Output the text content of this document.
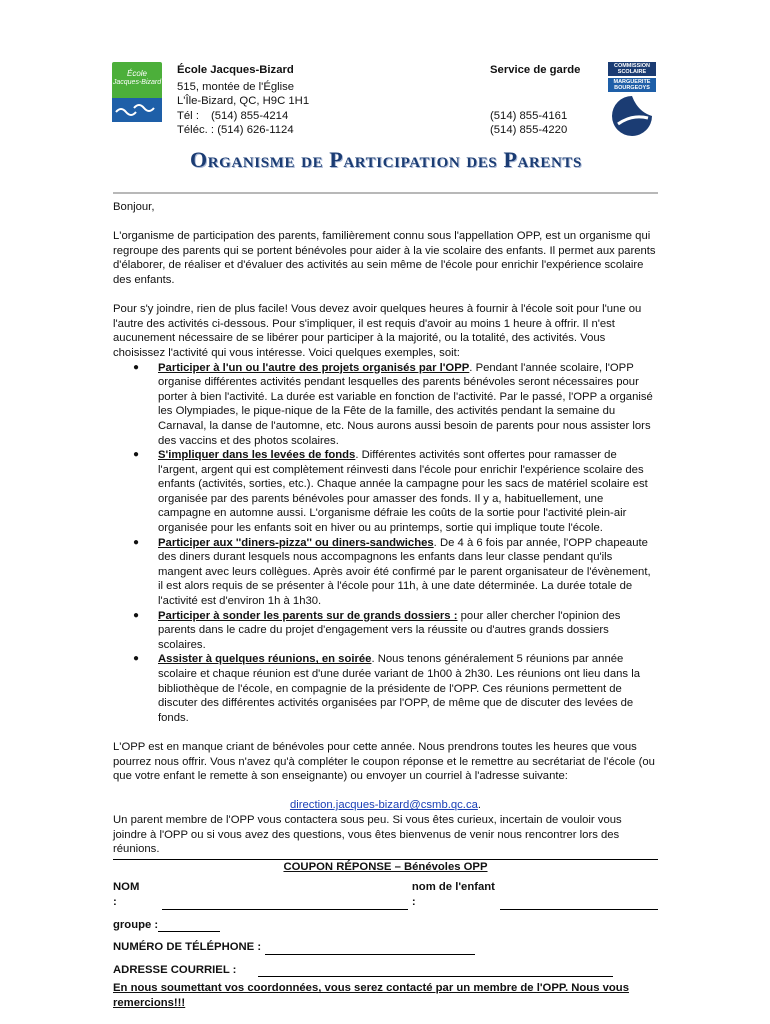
École
Jacques-Bizard
École Jacques-Bizard
515, montée de l'Église
L'Île-Bizard, QC, H9C 1H1
Tél : (514) 855-4214
Téléc. : (514) 626-1124
Service de garde
(514) 855-4161
(514) 855-4220
COMMISSION
SCOLAIRE
MARGUERITE
BOURGEOYS
Organisme de Participation des Parents

Bonjour,

L'organisme de participation des parents, familièrement connu sous l'appellation OPP, est un organisme qui regroupe des parents qui se portent bénévoles pour aider à la vie scolaire des enfants. Il permet aux parents d'élaborer, de réaliser et d'évaluer des activités au sein même de l'école pour enrichir l'expérience scolaire des enfants.

Pour s'y joindre, rien de plus facile! Vous devez avoir quelques heures à fournir à l'école soit pour l'une ou l'autre des activités ci-dessous. Pour s'impliquer, il est requis d'avoir au moins 1 heure à offrir. Il n'est aucunement nécessaire de se libérer pour participer à la majorité, ou la totalité, des activités. Vous choisissez l'activité qui vous intéresse. Voici quelques exemples, soit:

● Participer à l'un ou l'autre des projets organisés par l'OPP. Pendant l'année scolaire, l'OPP organise différentes activités pendant lesquelles des parents bénévoles seront nécessaires pour porter à bien l'activité. La durée est variable en fonction de l'activité. Par le passé, l'OPP a organisé les Olympiades, le pique-nique de la Fête de la famille, des activités pendant la semaine du Carnaval, la danse de l'automne, etc. Nous aurons aussi besoin de parents pour nous assister lors des vaccins et des photos scolaires.
● S'impliquer dans les levées de fonds. Différentes activités sont offertes pour ramasser de l'argent, argent qui est complètement réinvesti dans l'école pour enrichir l'expérience scolaire des enfants (activités, sorties, etc.). Chaque année la campagne pour les sacs de matériel scolaire est organisée par des parents bénévoles pour amasser des fonds. Il y a, habituellement, une campagne en automne aussi. L'organisme défraie les coûts de la sortie pour l'activité plein-air organisée pour les enfants soit en hiver ou au printemps, sortie qui implique toute l'école.
● Participer aux ''diners-pizza'' ou diners-sandwiches. De 4 à 6 fois par année, l'OPP chapeaute des diners durant lesquels nous accompagnons les enfants dans leur classe pendant qu'ils mangent avec leurs collègues. Après avoir été confirmé par le parent organisateur de l'évènement, il est alors requis de se présenter à l'école pour 11h, à une date déterminée. La durée totale de l'activité est d'environ 1h à 1h30.
● Participer à sonder les parents sur de grands dossiers : pour aller chercher l'opinion des parents dans le cadre du projet d'engagement vers la réussite ou d'autres grands dossiers scolaires.
● Assister à quelques réunions, en soirée. Nous tenons généralement 5 réunions par année scolaire et chaque réunion est d'une durée variant de 1h00 à 2h30. Les réunions ont lieu dans la bibliothèque de l'école, en compagnie de la présidente de l'OPP. Ces réunions permettent de discuter des différentes activités organisées par l'OPP, de même que de discuter des levées de fonds.

L'OPP est en manque criant de bénévoles pour cette année. Nous prendrons toutes les heures que vous pourrez nous offrir. Vous n'avez qu'à compléter le coupon réponse et le remettre au secrétariat de l'école (ou que votre enfant le remette à son enseignante) ou envoyer un courriel à l'adresse suivante:

direction.jacques-bizard@csmb.qc.ca.

Un parent membre de l'OPP vous contactera sous peu. Si vous êtes curieux, incertain de vouloir vous joindre à l'OPP ou si vous avez des questions, vous êtes bienvenus de venir nous rencontrer lors des réunions.

COUPON RÉPONSE – Bénévoles OPP
NOM :
nom de l'enfant :
groupe :
NUMÉRO DE TÉLÉPHONE :
ADRESSE COURRIEL :
En nous soumettant vos coordonnées, vous serez contacté par un membre de l'OPP. Nous vous remercions!!!
